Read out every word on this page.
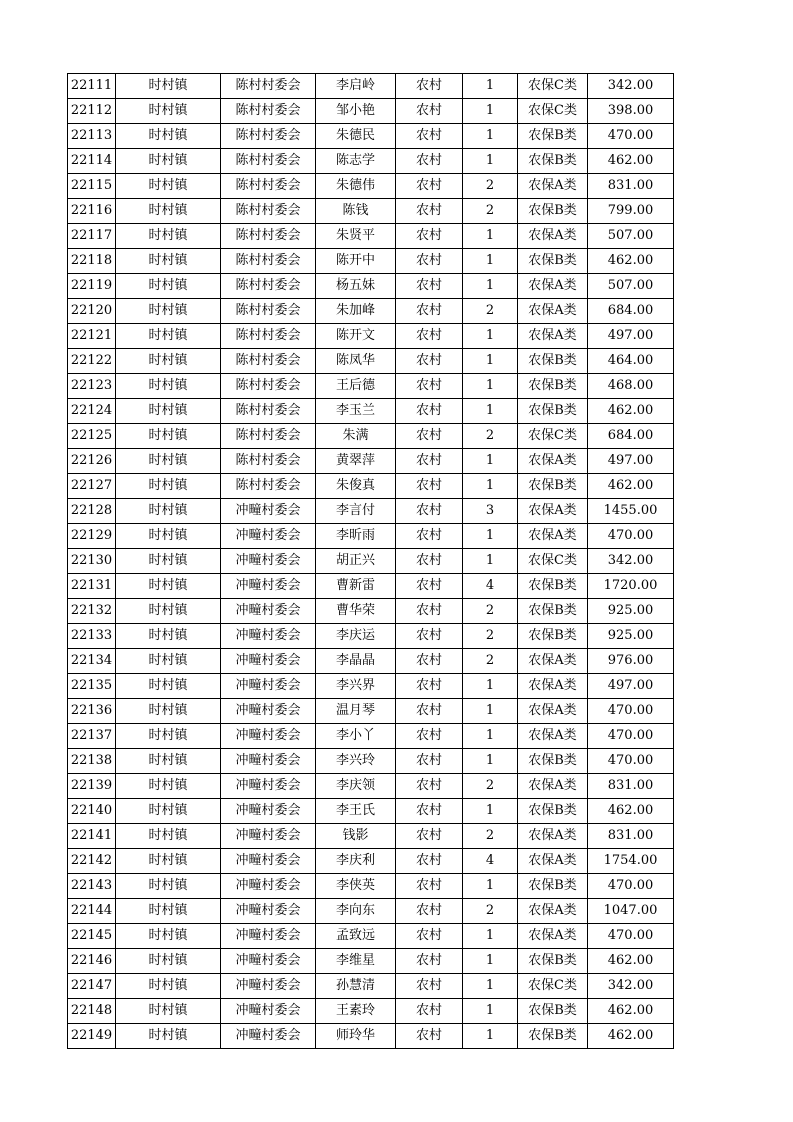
22111	时村镇	陈村村委会	李启岭	农村	1	农保C类	342.00
22112	时村镇	陈村村委会	邹小艳	农村	1	农保C类	398.00
22113	时村镇	陈村村委会	朱德民	农村	1	农保B类	470.00
22114	时村镇	陈村村委会	陈志学	农村	1	农保B类	462.00
22115	时村镇	陈村村委会	朱德伟	农村	2	农保A类	831.00
22116	时村镇	陈村村委会	陈钱	农村	2	农保B类	799.00
22117	时村镇	陈村村委会	朱贤平	农村	1	农保A类	507.00
22118	时村镇	陈村村委会	陈开中	农村	1	农保B类	462.00
22119	时村镇	陈村村委会	杨五妹	农村	1	农保A类	507.00
22120	时村镇	陈村村委会	朱加峰	农村	2	农保A类	684.00
22121	时村镇	陈村村委会	陈开文	农村	1	农保A类	497.00
22122	时村镇	陈村村委会	陈凤华	农村	1	农保B类	464.00
22123	时村镇	陈村村委会	王后德	农村	1	农保B类	468.00
22124	时村镇	陈村村委会	李玉兰	农村	1	农保B类	462.00
22125	时村镇	陈村村委会	朱满	农村	2	农保C类	684.00
22126	时村镇	陈村村委会	黄翠萍	农村	1	农保A类	497.00
22127	时村镇	陈村村委会	朱俊真	农村	1	农保B类	462.00
22128	时村镇	冲疃村委会	李言付	农村	3	农保A类	1455.00
22129	时村镇	冲疃村委会	李昕雨	农村	1	农保A类	470.00
22130	时村镇	冲疃村委会	胡正兴	农村	1	农保C类	342.00
22131	时村镇	冲疃村委会	曹新雷	农村	4	农保B类	1720.00
22132	时村镇	冲疃村委会	曹华荣	农村	2	农保B类	925.00
22133	时村镇	冲疃村委会	李庆运	农村	2	农保B类	925.00
22134	时村镇	冲疃村委会	李晶晶	农村	2	农保A类	976.00
22135	时村镇	冲疃村委会	李兴界	农村	1	农保A类	497.00
22136	时村镇	冲疃村委会	温月琴	农村	1	农保A类	470.00
22137	时村镇	冲疃村委会	李小丫	农村	1	农保A类	470.00
22138	时村镇	冲疃村委会	李兴玲	农村	1	农保B类	470.00
22139	时村镇	冲疃村委会	李庆领	农村	2	农保A类	831.00
22140	时村镇	冲疃村委会	李王氏	农村	1	农保B类	462.00
22141	时村镇	冲疃村委会	钱影	农村	2	农保A类	831.00
22142	时村镇	冲疃村委会	李庆利	农村	4	农保A类	1754.00
22143	时村镇	冲疃村委会	李侠英	农村	1	农保B类	470.00
22144	时村镇	冲疃村委会	李向东	农村	2	农保A类	1047.00
22145	时村镇	冲疃村委会	孟致远	农村	1	农保A类	470.00
22146	时村镇	冲疃村委会	李维星	农村	1	农保B类	462.00
22147	时村镇	冲疃村委会	孙慧清	农村	1	农保C类	342.00
22148	时村镇	冲疃村委会	王素玲	农村	1	农保B类	462.00
22149	时村镇	冲疃村委会	师玲华	农村	1	农保B类	462.00
